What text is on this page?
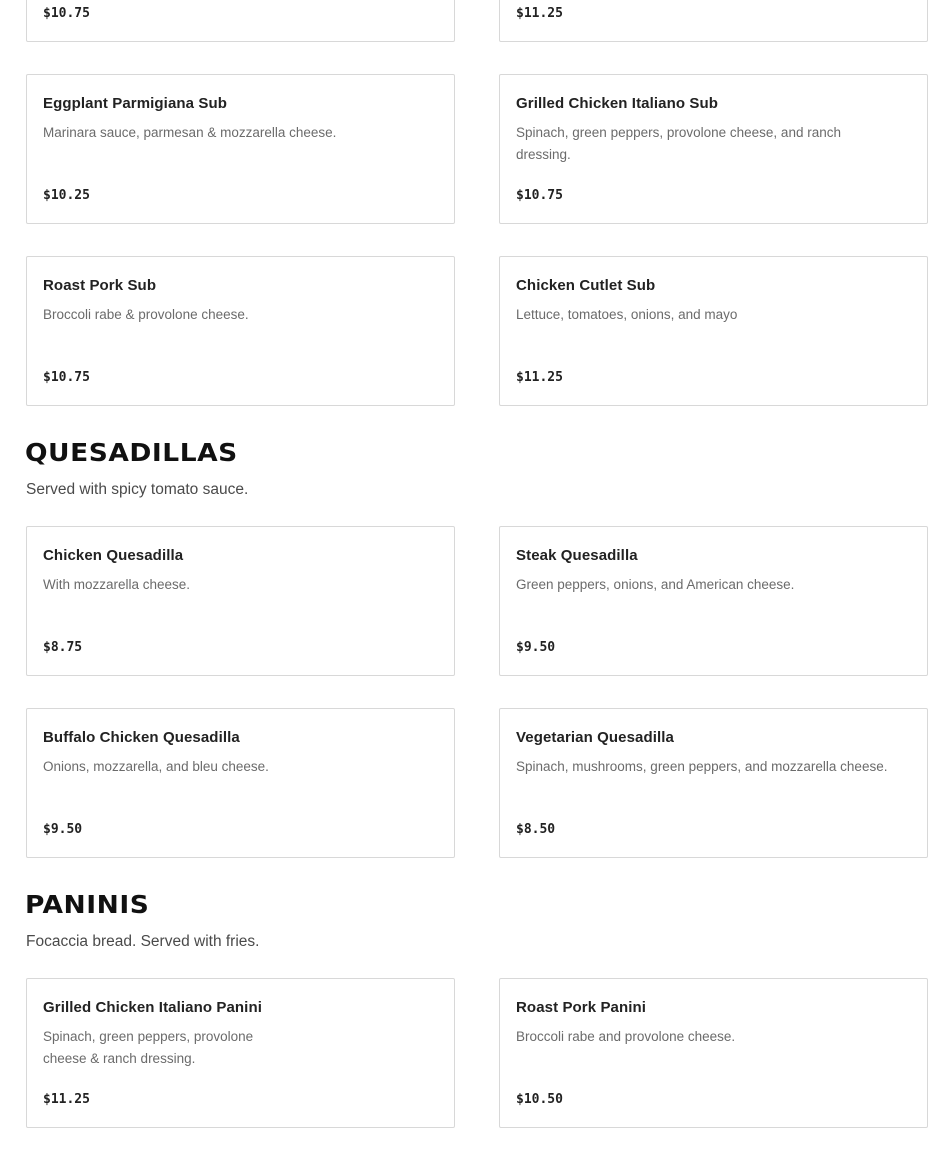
$10.75	$11.25
Eggplant Parmigiana Sub
Marinara sauce, parmesan & mozzarella cheese.
$10.25
Grilled Chicken Italiano Sub
Spinach, green peppers, provolone cheese, and ranch dressing.
$10.75
Roast Pork Sub
Broccoli rabe & provolone cheese.
$10.75
Chicken Cutlet Sub
Lettuce, tomatoes, onions, and mayo
$11.25
QUESADILLAS
Served with spicy tomato sauce.
Chicken Quesadilla
With mozzarella cheese.
$8.75
Steak Quesadilla
Green peppers, onions, and American cheese.
$9.50
Buffalo Chicken Quesadilla
Onions, mozzarella, and bleu cheese.
$9.50
Vegetarian Quesadilla
Spinach, mushrooms, green peppers, and mozzarella cheese.
$8.50
PANINIS
Focaccia bread. Served with fries.
Grilled Chicken Italiano Panini
Spinach, green peppers, provolone cheese & ranch dressing.
$11.25
Roast Pork Panini
Broccoli rabe and provolone cheese.
$10.50
